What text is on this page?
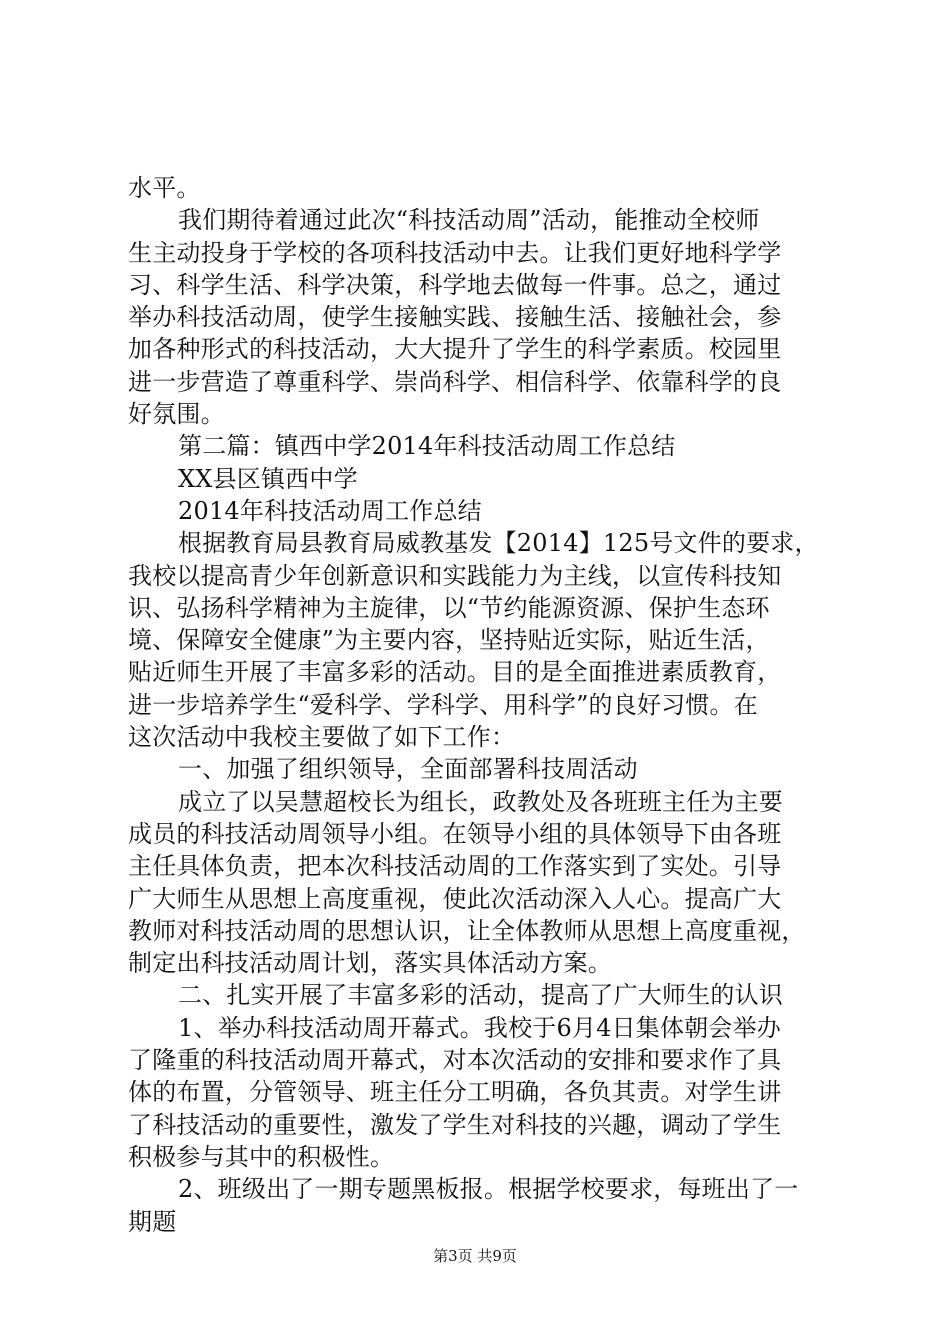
水平。
我们期待着通过此次“科技活动周”活动，能推动全校师
生主动投身于学校的各项科技活动中去。让我们更好地科学学
习、科学生活、科学决策，科学地去做每一件事。总之，通过
举办科技活动周，使学生接触实践、接触生活、接触社会，参
加各种形式的科技活动，大大提升了学生的科学素质。校园里
进一步营造了尊重科学、崇尚科学、相信科学、依靠科学的良
好氛围。
第二篇：镇西中学2014年科技活动周工作总结
XX县区镇西中学
2014年科技活动周工作总结
根据教育局县教育局威教基发【2014】125号文件的要求，
我校以提高青少年创新意识和实践能力为主线，以宣传科技知
识、弘扬科学精神为主旋律，以“节约能源资源、保护生态环
境、保障安全健康”为主要内容，坚持贴近实际，贴近生活，
贴近师生开展了丰富多彩的活动。目的是全面推进素质教育，
进一步培养学生“爱科学、学科学、用科学”的良好习惯。在
这次活动中我校主要做了如下工作：
一、加强了组织领导，全面部署科技周活动
成立了以吴慧超校长为组长，政教处及各班班主任为主要
成员的科技活动周领导小组。在领导小组的具体领导下由各班
主任具体负责，把本次科技活动周的工作落实到了实处。引导
广大师生从思想上高度重视，使此次活动深入人心。提高广大
教师对科技活动周的思想认识，让全体教师从思想上高度重视，
制定出科技活动周计划，落实具体活动方案。
二、扎实开展了丰富多彩的活动，提高了广大师生的认识
1、举办科技活动周开幕式。我校于6月4日集体朝会举办
了隆重的科技活动周开幕式，对本次活动的安排和要求作了具
体的布置，分管领导、班主任分工明确，各负其责。对学生讲
了科技活动的重要性，激发了学生对科技的兴趣，调动了学生
积极参与其中的积极性。
2、班级出了一期专题黑板报。根据学校要求，每班出了一
期题
第3页 共9页
